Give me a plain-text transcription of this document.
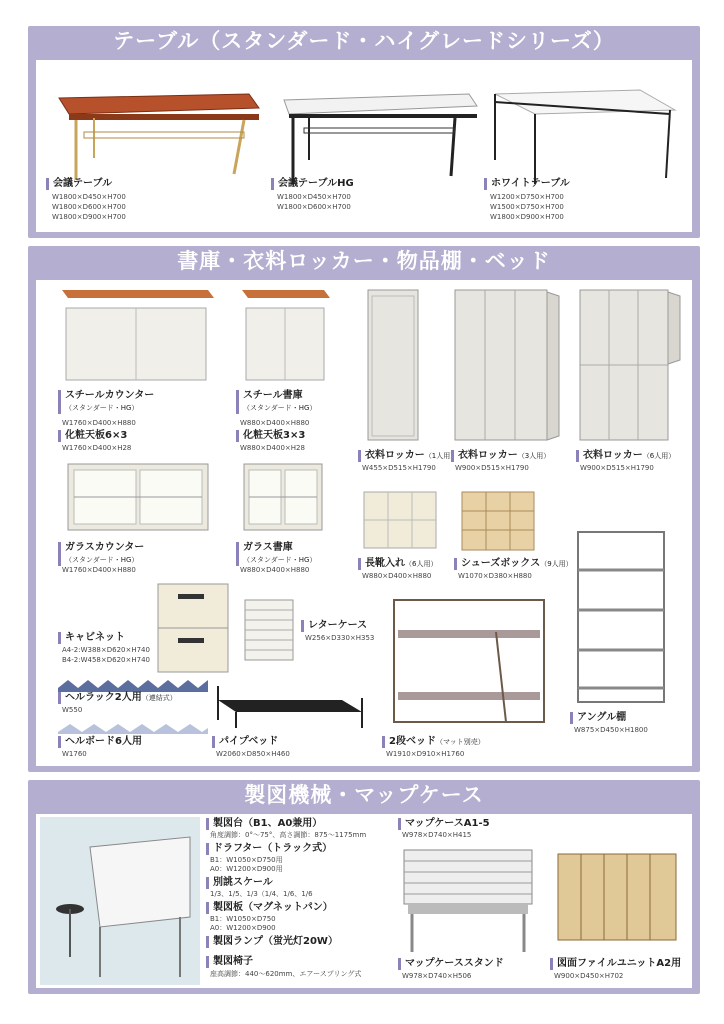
テーブル（スタンダード・ハイグレードシリーズ）
会議テーブル
W1800×D450×H700
W1800×D600×H700
W1800×D900×H700
会議テーブルHG
W1800×D450×H700
W1800×D600×H700
ホワイトテーブル
W1200×D750×H700
W1500×D750×H700
W1800×D900×H700
書庫・衣料ロッカー・物品棚・ベッド
スチールカウンター
（スタンダード・HG）
W1760×D400×H880
化粧天板6×3
W1760×D400×H28
スチール書庫
（スタンダード・HG）
W880×D400×H880
化粧天板3×3
W880×D400×H28
衣料ロッカー（1人用）
W455×D515×H1790
衣料ロッカー（3人用）
W900×D515×H1790
衣料ロッカー（6人用）
W900×D515×H1790
ガラスカウンター
（スタンダード・HG）
W1760×D400×H880
ガラス書庫
（スタンダード・HG）
W880×D400×H880
長靴入れ（6人用）
W880×D400×H880
シューズボックス（9人用）
W1070×D380×H880
アングル棚
W875×D450×H1800
キャビネット
A4-2:W388×D620×H740
B4-2:W458×D620×H740
レターケース
W256×D330×H353
2段ベッド（マット別売）
W1910×D910×H1760
ヘルラック2人用（連結式）
W550
ヘルボード6人用
W1760
パイプベッド
W2060×D850×H460
製図機械・マップケース
製図台（B1、A0兼用）
角度調節：0°～75°、高さ調節：875～1175mm
ドラフター（トラック式）
B1：W1050×D750用
A0：W1200×D900用
別誂スケール
1/3、1/5、1/3（1/4、1/6、1/6
製図板（マグネットパン）
B1：W1050×D750
A0：W1200×D900
製図ランプ（蛍光灯20W）
製図椅子
座高調節：440～620mm、エアースプリング式
マップケースA1-5
W978×D740×H415
マップケーススタンド
W978×D740×H506
図面ファイルユニットA2用
W900×D450×H702
